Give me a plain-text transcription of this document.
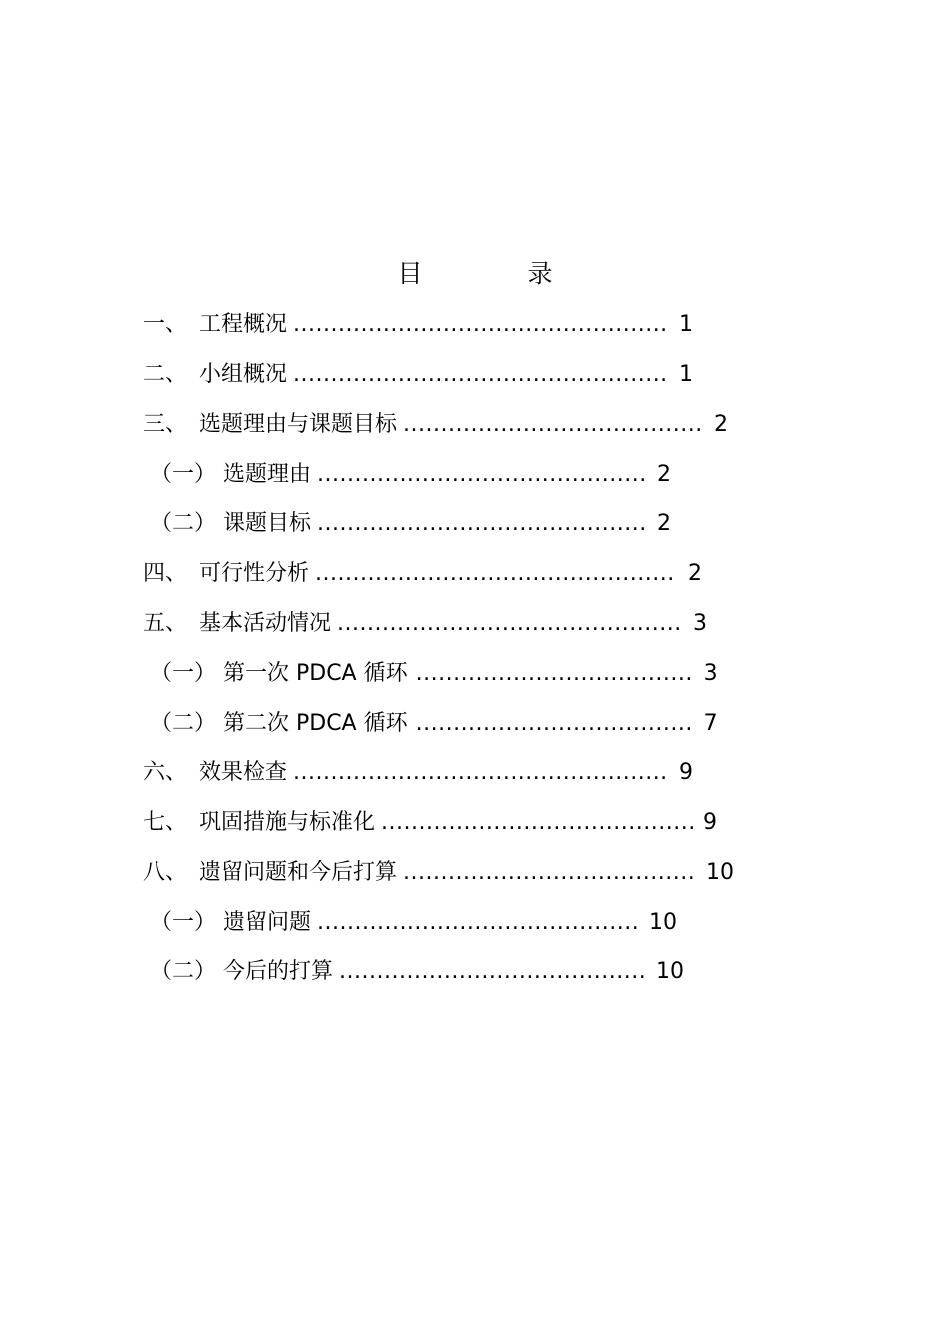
目　录
一、 工程概况 .................................................. 1
二、 小组概况 .................................................. 1
三、 选题理由与课题目标 ........................................ 2
（一） 选题理由 ............................................ 2
（二） 课题目标 ............................................ 2
四、 可行性分析 ................................................ 2
五、 基本活动情况 .............................................. 3
（一） 第一次 PDCA 循环 ..................................... 3
（二） 第二次 PDCA 循环 ..................................... 7
六、 效果检查 .................................................. 9
七、 巩固措施与标准化 .......................................... 9
八、 遗留问题和今后打算 ....................................... 10
（一） 遗留问题 ........................................... 10
（二） 今后的打算 ......................................... 10
